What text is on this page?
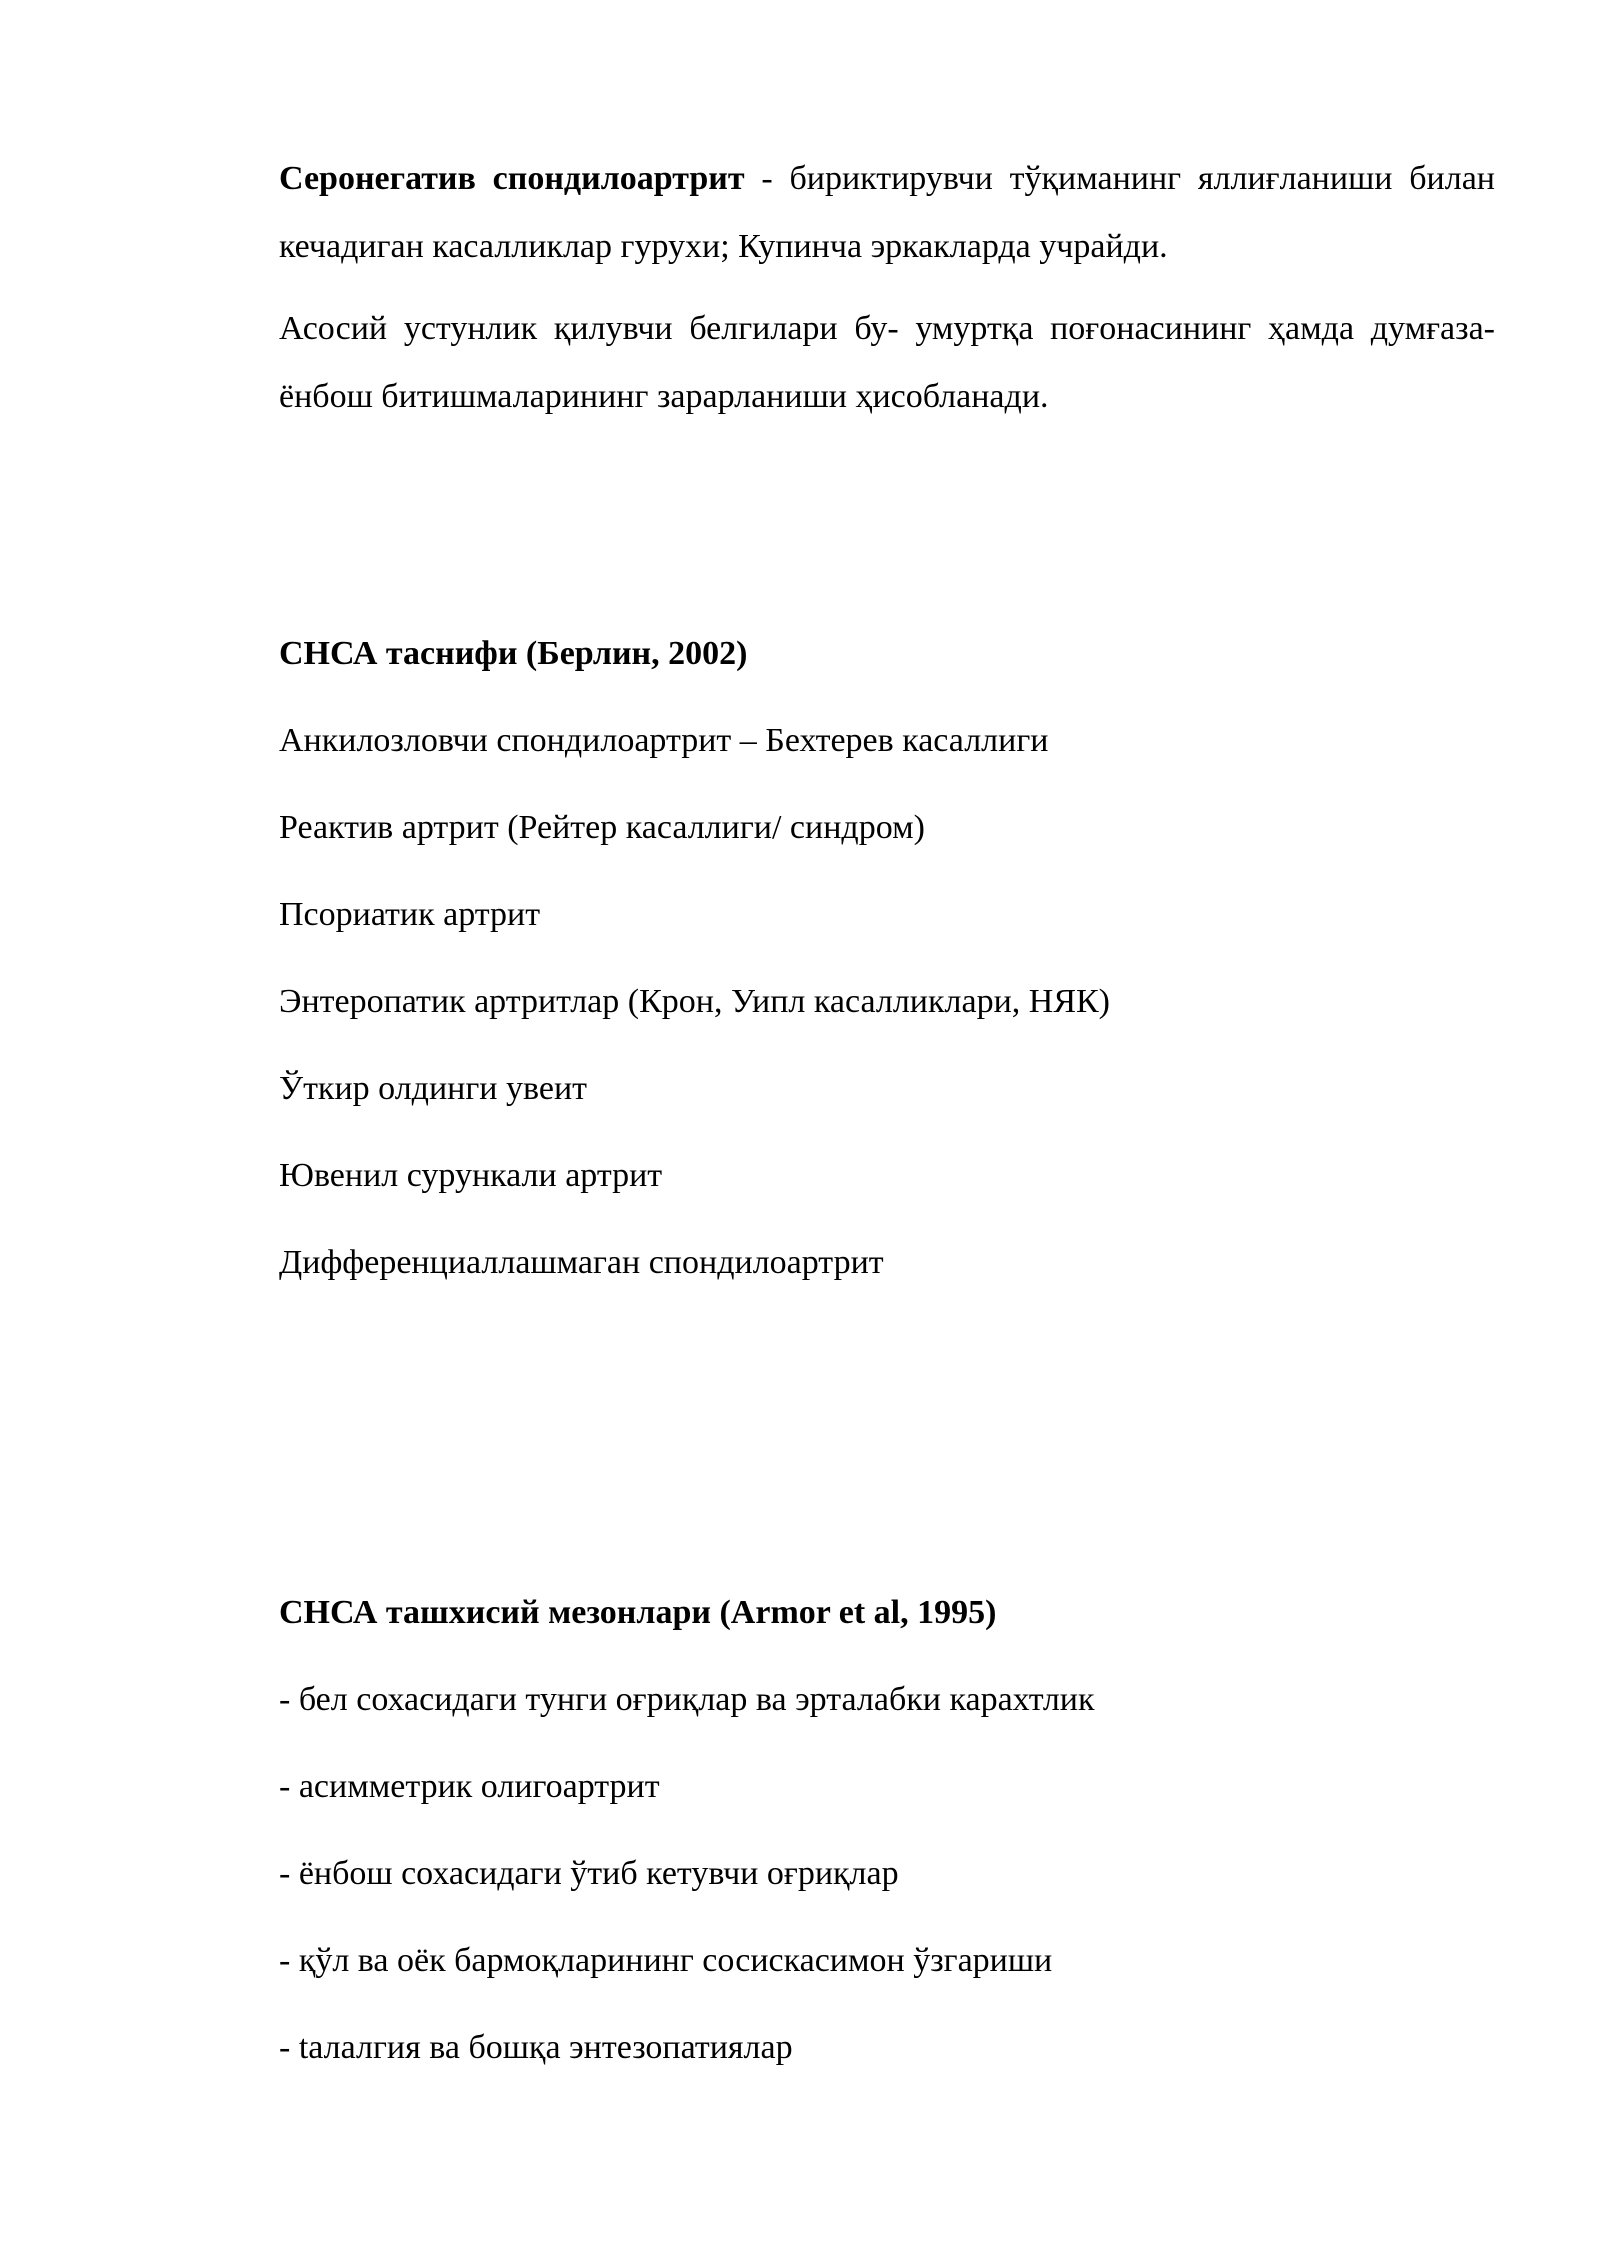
Серонегатив спондилоартрит - бириктирувчи тўқиманинг яллиғланиши билан кечадиган касалликлар гурухи; Купинча эркакларда учрайди.

Асосий устунлик қилувчи белгилари бу- умуртқа поғонасининг ҳамда думғаза-ёнбош битишмаларининг зарарланиши ҳисобланади.

СНСА таснифи (Берлин, 2002)

Анкилозловчи спондилоартрит – Бехтерев касаллиги

Реактив артрит (Рейтер касаллиги/ синдром)

Псориатик артрит

Энтеропатик артритлар (Крон, Уипл касалликлари, НЯК)

Ўткир олдинги увеит

Ювенил сурункали артрит

Дифференциаллашмаган спондилоартрит

СНСА ташхисий мезонлари (Armor et al, 1995)

- бел сохасидаги тунги оғриқлар ва эрталабки карахтлик

- асимметрик олигоартрит

- ёнбош сохасидаги ўтиб кетувчи оғриқлар

- қўл ва оёк бармоқларининг сосискасимон ўзгариши

- tалалгия ва бошқа энтезопатиялар
